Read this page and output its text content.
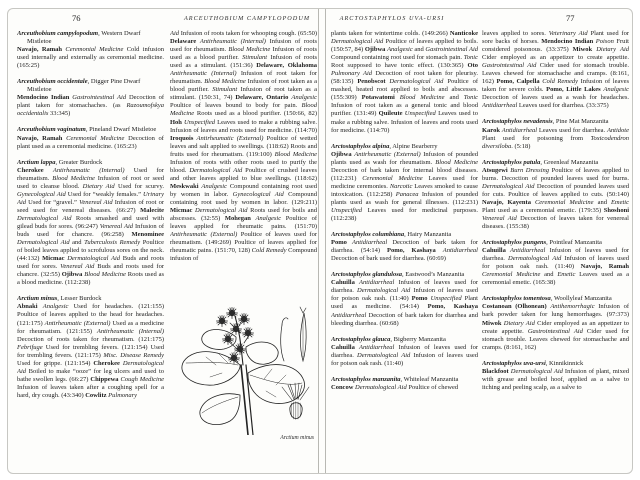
76	ARCEUTHOBIUM CAMPYLOPODUM	ARCTOSTAPHYLOS UVA-URSI	77

Arceuthobium campylopodum, Western Dwarf Mistletoe

Navajo, Ramah Ceremonial Medicine Cold infusion used internally and externally as ceremonial medicine. (165:25)

Arceuthobium occidentale, Digger Pine Dwarf Mistletoe

Mendocino Indian Gastrointestinal Aid Decoction of plant taken for stomachaches. (as Razoumofskya occidentalis 33:345)

Arceuthobium vaginatum, Pineland Dwarf Mistletoe

Navajo, Ramah Ceremonial Medicine Decoction of plant used as a ceremonial medicine. (165:23)

Arctium lappa, Greater Burdock

Cherokee Antirheumatic (Internal) Used for rheumatism. Blood Medicine Infusion of root or seed used to cleanse blood. Dietary Aid Used for scurvy. Gynecological Aid Used for “weakly females.” Urinary Aid Used for “gravel.” Venereal Aid Infusion of root or seed used for venereal diseases. (66:27) Malecite Dermatological Aid Roots smashed and used with gilead buds for sores. (96:247) Venereal Aid Infusion of buds used for chancre. (96:258) Menominee Dermatological Aid and Tuberculosis Remedy Poultice of boiled leaves applied to scrofulous sores on the neck. (44:132) Micmac Dermatological Aid Buds and roots used for sores. Venereal Aid Buds and roots used for chancre. (32:55) Ojibwa Blood Medicine Roots used as a blood medicine. (112:238)

Arctium minus, Lesser Burdock

Abnaki Analgesic Used for headaches. (121:155) Poultice of leaves applied to the head for headaches. (121:175) Antirheumatic (External) Used as a medicine for rheumatism. (121:155) Antirheumatic (Internal) Decoction of roots taken for rheumatism. (121:175) Febrifuge Used for trembling fevers. (121:154) Used for trembling fevers. (121:175) Misc. Disease Remedy Used for grippe. (121:154) Cherokee Dermatological Aid Boiled to make “ooze” for leg ulcers and used to bathe swollen legs. (66:27) Chippewa Cough Medicine Infusion of leaves taken after a coughing spell for a hard, dry cough. (43:340) Cowlitz Pulmonary

Aid Infusion of roots taken for whooping cough. (65:50) Delaware Antirheumatic (Internal) Infusion of roots used for rheumatism. Blood Medicine Infusion of roots used as a blood purifier. Stimulant Infusion of roots used as a stimulant. (151:36) Delaware, Oklahoma Antirheumatic (Internal) Infusion of root taken for rheumatism. Blood Medicine Infusion of root taken as a blood purifier. Stimulant Infusion of root taken as a stimulant. (150:31, 74) Delaware, Ontario Analgesic Poultice of leaves bound to body for pain. Blood Medicine Roots used as a blood purifier. (150:66, 82) Hoh Unspecified Leaves used to make a rubbing salve. Infusion of leaves and roots used for medicine. (114:70) Iroquois Antirheumatic (External) Poultice of wetted leaves and salt applied to swellings. (118:62) Roots and fruits used for rheumatism. (119:100) Blood Medicine Infusion of roots with other roots used to purify the blood. Dermatological Aid Poultice of crushed leaves and other leaves applied to blue swellings. (118:62) Meskwaki Analgesic Compound containing root used by women in labor. Gynecological Aid Compound containing root used by women in labor. (129:211) Micmac Dermatological Aid Roots used for boils and abscesses. (32:55) Mohegan Analgesic Poultice of leaves applied for rheumatic pains. (151:70) Antirheumatic (External) Poultice of leaves used for rheumatism. (149:269) Poultice of leaves applied for rheumatic pains. (151:70, 128) Cold Remedy Compound infusion of

plants taken for wintertime colds. (149:266) Nanticoke Dermatological Aid Poultice of leaves applied to boils. (150:57, 84) Ojibwa Analgesic and Gastrointestinal Aid Compound containing root used for stomach pain. Tonic Root supposed to have tonic effect. (130:365) Oto Pulmonary Aid Decoction of root taken for pleurisy. (58:135) Penobscot Dermatological Aid Poultice of mashed, heated root applied to boils and abscesses. (155:309) Potawatomi Blood Medicine and Tonic Infusion of root taken as a general tonic and blood purifier. (131:49) Quileute Unspecified Leaves used to make a rubbing salve. Infusion of leaves and roots used for medicine. (114:70)

Arctostaphylos alpina, Alpine Bearberry

Ojibwa Antirheumatic (External) Infusion of pounded plants used as wash for rheumatism. Blood Medicine Decoction of bark taken for internal blood diseases. (112:231) Ceremonial Medicine Leaves used for medicine ceremonies. Narcotic Leaves smoked to cause intoxication. (112:258) Panacea Infusion of pounded plants used as wash for general illnesses. (112:231) Unspecified Leaves used for medicinal purposes. (112:238)

Arctostaphylos columbiana, Hairy Manzanita

Pomo Antidiarrheal Decoction of bark taken for diarrhea. (54:14) Pomo, Kashaya Antidiarrheal Decoction of bark used for diarrhea. (60:69)

Arctostaphylos glandulosa, Eastwood’s Manzanita

Cahuilla Antidiarrheal Infusion of leaves used for diarrhea. Dermatological Aid Infusion of leaves used for poison oak rash. (11:40) Pomo Unspecified Plant used as medicine. (54:14) Pomo, Kashaya Antidiarrheal Decoction of bark taken for diarrhea and bleeding diarrhea. (60:68)

Arctostaphylos glauca, Bigberry Manzanita

Cahuilla Antidiarrheal Infusion of leaves used for diarrhea. Dermatological Aid Infusion of leaves used for poison oak rash. (11:40)

Arctostaphylos manzanita, Whiteleaf Manzanita

Concow Dermatological Aid Poultice of chewed

leaves applied to sores. Veterinary Aid Plant used for sore backs of horses. Mendocino Indian Poison Fruit considered poisonous. (33:375) Miwok Dietary Aid Cider employed as an appetizer to create appetite. Gastrointestinal Aid Cider used for stomach trouble. Leaves chewed for stomachache and cramps. (8:161, 162) Pomo, Calpella Cold Remedy Infusion of leaves taken for severe colds. Pomo, Little Lakes Analgesic Decoction of leaves used as a wash for headaches. Antidiarrheal Leaves used for diarrhea. (33:375)

Arctostaphylos nevadensis, Pine Mat Manzanita

Karok Antidiarrheal Leaves used for diarrhea. Antidote Plant used for poisoning from Toxicodendron diversiloba. (5:18)

Arctostaphylos patula, Greenleaf Manzanita

Atsugewi Burn Dressing Poultice of leaves applied to burns. Decoction of pounded leaves used for burns. Dermatological Aid Decoction of pounded leaves used for cuts. Poultice of leaves applied to cuts. (50:140) Navajo, Kayenta Ceremonial Medicine and Emetic Plant used as a ceremonial emetic. (179:35) Shoshoni Venereal Aid Decoction of leaves taken for venereal diseases. (155:38)

Arctostaphylos pungens, Pointleaf Manzanita

Cahuilla Antidiarrheal Infusion of leaves used for diarrhea. Dermatological Aid Infusion of leaves used for poison oak rash. (11:40) Navajo, Ramah Ceremonial Medicine and Emetic Leaves used as a ceremonial emetic. (165:38)

Arctostaphylos tomentosa, Woollyleaf Manzanita

Costanoan (Olhonean) Antihemorrhagic Infusion of bark powder taken for lung hemorrhages. (97:373) Miwok Dietary Aid Cider employed as an appetizer to create appetite. Gastrointestinal Aid Cider used for stomach trouble. Leaves chewed for stomachache and cramps. (8:161, 162)

Arctostaphylos uva-ursi, Kinnikinnick

Blackfoot Dermatological Aid Infusion of plant, mixed with grease and boiled hoof, applied as a salve to itching and peeling scalp, as a salve to

Arctium minus
